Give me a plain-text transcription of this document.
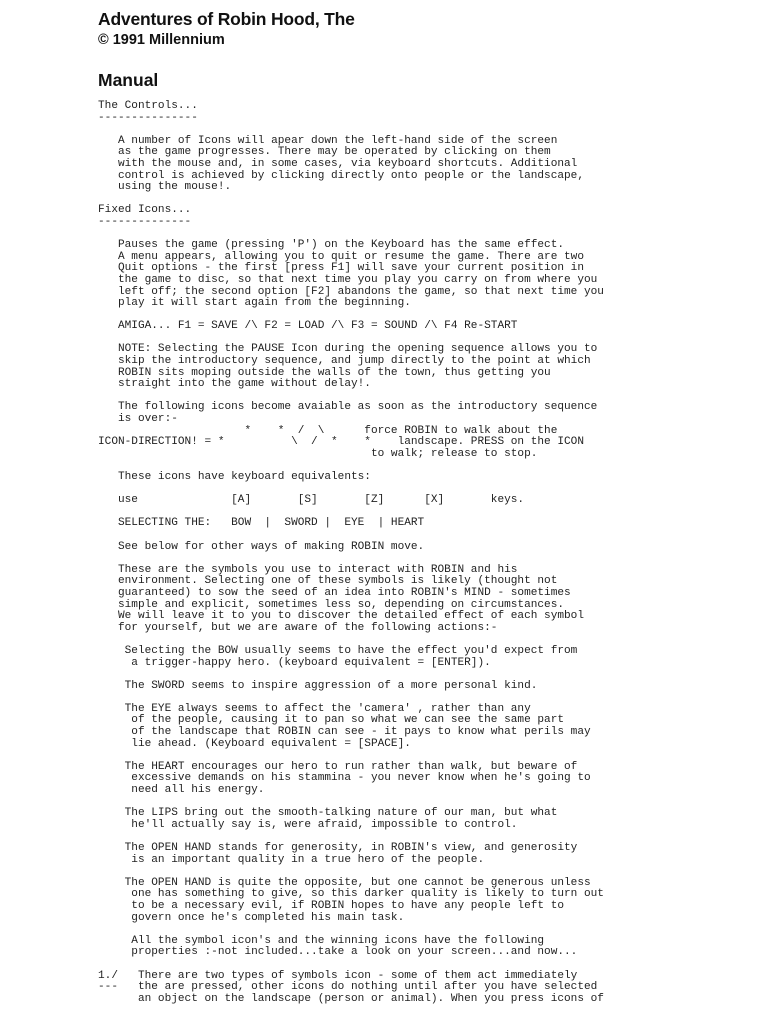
Adventures of Robin Hood, The
© 1991 Millennium
Manual
The Controls...
---------------

A number of Icons will apear down the left-hand side of the screen
as the game progresses. There may be operated by clicking on them
with the mouse and, in some cases, via keyboard shortcuts. Additional
control is achieved by clicking directly onto people or the landscape,
using the mouse!.

Fixed Icons...
--------------

Pauses the game (pressing 'P') on the Keyboard has the same effect.
A menu appears, allowing you to quit or resume the game. There are two
Quit options - the first [press F1] will save your current position in
the game to disc, so that next time you play you carry on from where you
left off; the second option [F2] abandons the game, so that next time you
play it will start again from the beginning.

AMIGA... F1 = SAVE /\ F2 = LOAD /\ F3 = SOUND /\ F4 Re-START

NOTE: Selecting the PAUSE Icon during the opening sequence allows you to
skip the introductory sequence, and jump directly to the point at which
ROBIN sits moping outside the walls of the town, thus getting you
straight into the game without delay!.

The following icons become avaiable as soon as the introductory sequence
is over:-
*    *  /  \      force ROBIN to walk about the
ICON-DIRECTION! = *          \  /  *    *    landscape. PRESS on the ICON
to walk; release to stop.

These icons have keyboard equivalents:

use              [A]       [S]       [Z]      [X]       keys.

SELECTING THE:   BOW  |  SWORD |  EYE  | HEART

See below for other ways of making ROBIN move.

These are the symbols you use to interact with ROBIN and his
environment. Selecting one of these symbols is likely (thought not
guaranteed) to sow the seed of an idea into ROBIN's MIND - sometimes
simple and explicit, sometimes less so, depending on circumstances.
We will leave it to you to discover the detailed effect of each symbol
for yourself, but we are aware of the following actions:-

Selecting the BOW usually seems to have the effect you'd expect from
a trigger-happy hero. (keyboard equivalent = [ENTER]).

The SWORD seems to inspire aggression of a more personal kind.

The EYE always seems to affect the 'camera' , rather than any
of the people, causing it to pan so what we can see the same part
of the landscape that ROBIN can see - it pays to know what perils may
lie ahead. (Keyboard equivalent = [SPACE].

The HEART encourages our hero to run rather than walk, but beware of
excessive demands on his stammina - you never know when he's going to
need all his energy.

The LIPS bring out the smooth-talking nature of our man, but what
he'll actually say is, were afraid, impossible to control.

The OPEN HAND stands for generosity, in ROBIN's view, and generosity
is an important quality in a true hero of the people.

The OPEN HAND is quite the opposite, but one cannot be generous unless
one has something to give, so this darker quality is likely to turn out
to be a necessary evil, if ROBIN hopes to have any people left to
govern once he's completed his main task.

All the symbol icon's and the winning icons have the following
properties :-not included...take a look on your screen...and now...

1./   There are two types of symbols icon - some of them act immediately
---   the are pressed, other icons do nothing until after you have selected
an object on the landscape (person or animal). When you press icons of
